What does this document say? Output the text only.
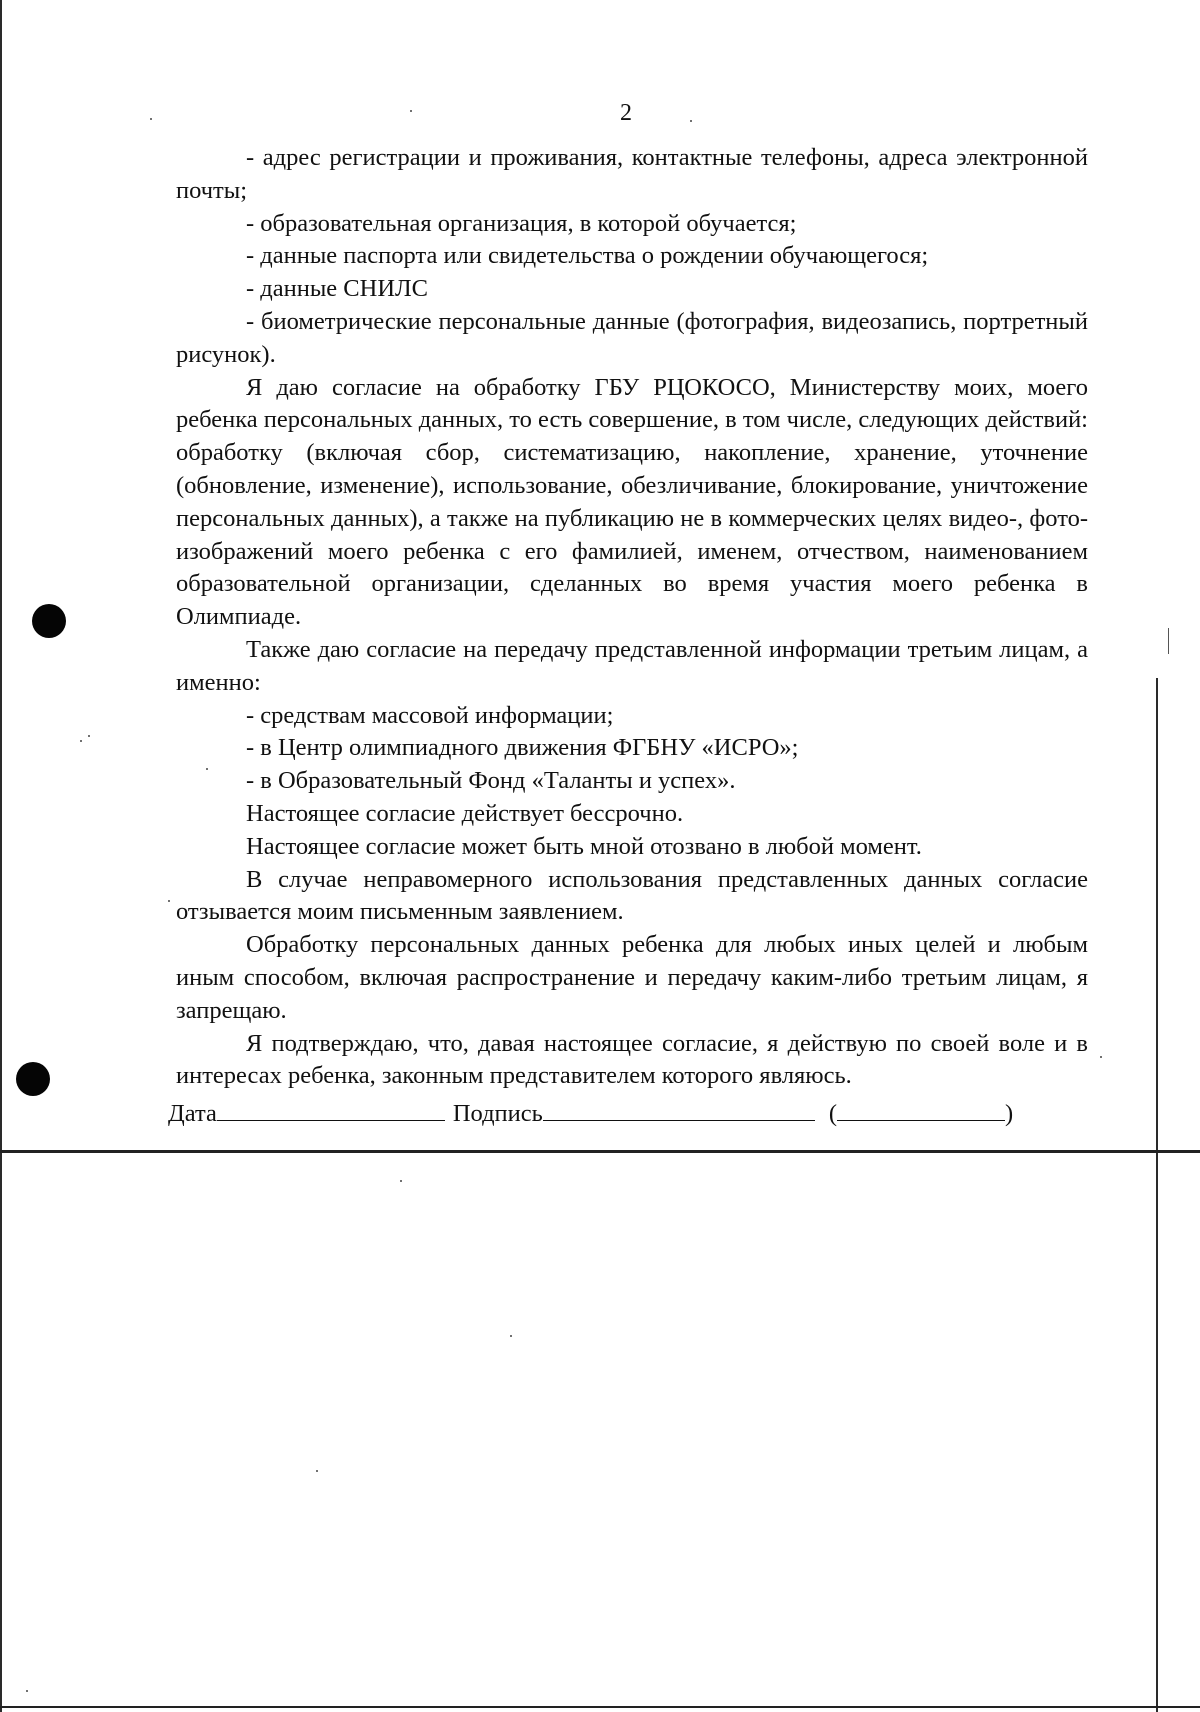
2

- адрес регистрации и проживания, контактные телефоны, адреса электронной почты;

- образовательная организация, в которой обучается;

- данные паспорта или свидетельства о рождении обучающегося;

- данные СНИЛС

- биометрические персональные данные (фотография, видеозапись, портретный рисунок).

Я даю согласие на обработку ГБУ РЦОКОСО, Министерству моих, моего ребенка персональных данных, то есть совершение, в том числе, следующих действий: обработку (включая сбор, систематизацию, накопление, хранение, уточнение (обновление, изменение), использование, обезличивание, блокирование, уничтожение персональных данных), а также на публикацию не в коммерческих целях видео-, фото- изображений моего ребенка с его фамилией, именем, отчеством, наименованием образовательной организации, сделанных во время участия моего ребенка в Олимпиаде.

Также даю согласие на передачу представленной информации третьим лицам, а именно:

- средствам массовой информации;

- в Центр олимпиадного движения ФГБНУ «ИСРО»;

- в Образовательный Фонд «Таланты и успех».

Настоящее согласие действует бессрочно.

Настоящее согласие может быть мной отозвано в любой момент.

В случае неправомерного использования представленных данных согласие отзывается моим письменным заявлением.

Обработку персональных данных ребенка для любых иных целей и любым иным способом, включая распространение и передачу каким-либо третьим лицам, я запрещаю.

Я подтверждаю, что, давая настоящее согласие, я действую по своей воле и в интересах ребенка, законным представителем которого являюсь.

Дата	Подпись	(	)
